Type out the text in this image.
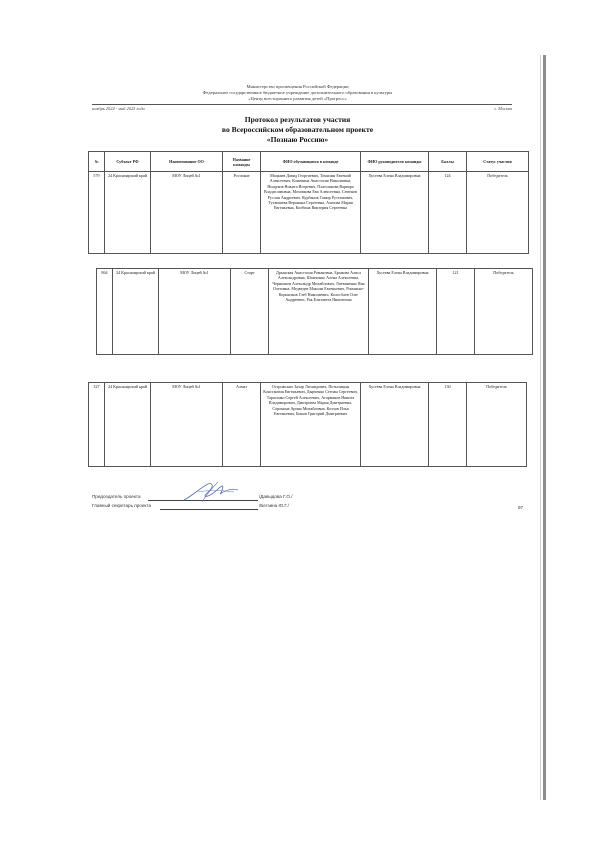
Министерство просвещения Российской Федерации
Федеральное государственное бюджетное учреждение дополнительного образования в культуры
«Центр всестороннего развития детей «Прогресс»
ноябрь 2024 - май 2025 года	г. Москва
Протокол результатов участия
во Всероссийском образовательном проекте
«Познаю Россию»
№	Субъект РФ	Наименование ОО	Название команды	ФИО обучающихся в команде	ФИО руководителя команды	Баллы	Статус участия
579	24 Красноярский край	МОУ Лицей №1	Россияне	Мацкаев Давид Георгиевич, Томилин Евгений Алексеевич, Кожевина Анастасия Николаевна, Нищуков Никита Игоревич, Платошкова Варвара Владиславовна, Моховкова Ева Алексеевна, Семенов Руслан Андреевич, Курбанов Тамир Рустамович, Тухвишева Вероника Сергеевна, Азизова Мария Евгеньевна, Колбина Виктория Сергеевна	Хусеева Елена Владимировна	124	Победитель
864	24 Красноярский край	МОУ Лицей №1	Старт	Дрынская Анастасия Романовна, Бражова Алиса Александровна, Шамченко Алена Алексеевна, Чернышов Александр Михайлович, Литвиненко Яна Олеговна, Медведев Максим Евгеньевич, Романько-Корнилков Глеб Николаевич, Колосбаев Олег Андреевич, Рак Елизавета Никитична	Хусеева Елена Владимировна	121	Победитель
327	24 Красноярский край	МОУ Лицей №1	Алмаз	Острожских Захар Леонидович, Потылицын Константин Евгеньевич, Дырченко Степан Сергеевич, Тарасенко Сергей Алексеевич, Агарманов Никита Владимирович, Дмитриева Мария Дмитриевна, Сорокина Арина Михайловна, Козлов Илья Евгеньевич, Быков Григорий Дмитриевич	Хусеева Елена Владимировна	130	Победитель
Председатель проекта	/Давыдова Г.О./
Главный секретарь проекта	/Бегзина Ю.Г./	97
